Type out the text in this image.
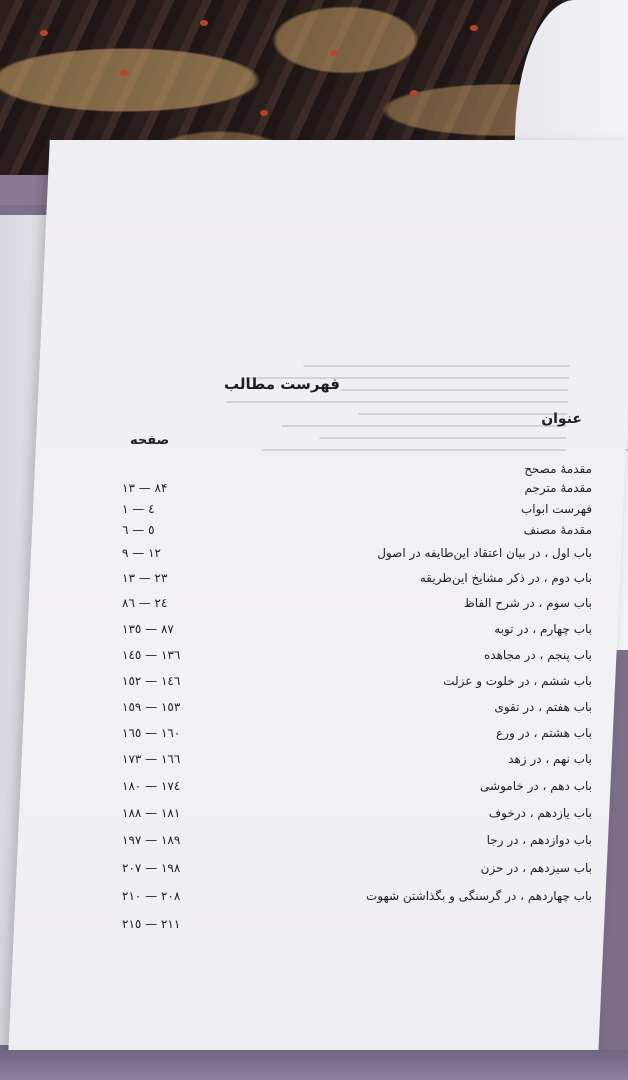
فهرست مطالب
عنوان
صفحه
مقدمهٔ مصحح
مقدمهٔ مترجم
۱۳ — ۸۴
فهرست ابواب
۱ — ٤
مقدمهٔ مصنف
٥ — ٦
باب اول ، در بیان اعتقاد این‌طایفه در اصول
۹ — ۱۲
باب دوم ، در ذکر مشایخ این‌طریقه
۱۳ — ۲۳
باب سوم ، در شرح الفاظ
٢٤ — ٨٦
باب چهارم ، در توبه
٨٧ — ١٣٥
باب پنجم ، در مجاهده
١٣٦ — ١٤٥
باب ششم ، در خلوت و عزلت
١٤٦ — ١٥٢
باب هفتم ، در تقوی
١٥٣ — ١٥٩
باب هشتم ، در ورع
١٦٠ — ١٦٥
باب نهم ، در زهد
١٦٦ — ١٧٣
باب دهم ، در خاموشی
١٧٤ — ١٨٠
باب یازدهم ، درخوف
١٨١ — ١٨٨
باب دوازدهم ، در رجا
١٨٩ — ١٩٧
باب سیزدهم ، در حزن
١٩٨ — ٢٠٧
باب چهاردهم ، در گرسنگی و بگذاشتن شهوت
٢٠٨ — ٢١٠
٢١١ — ٢١٥
